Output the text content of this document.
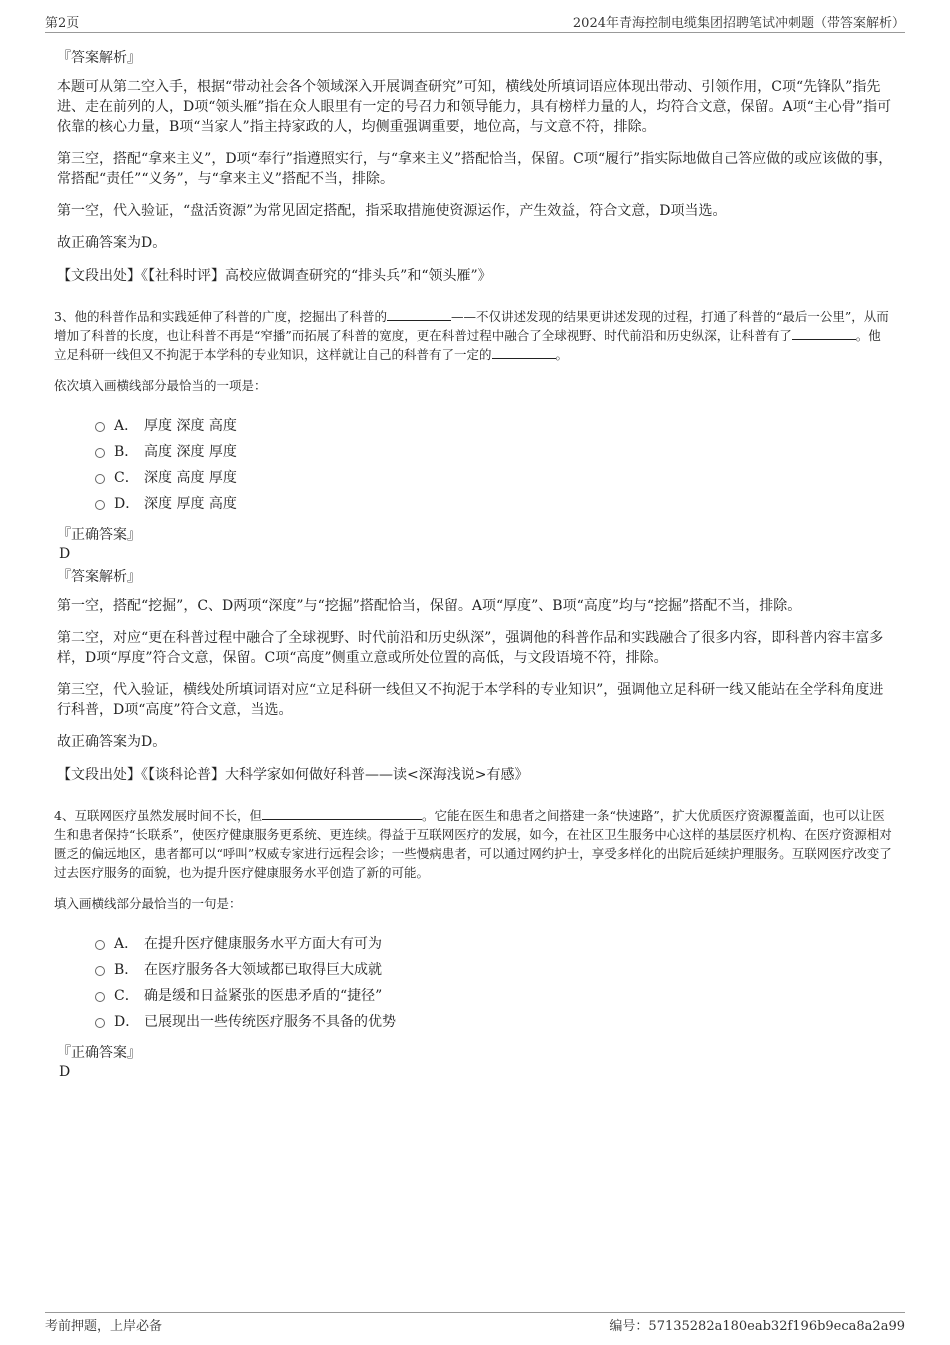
第2页	2024年青海控制电缆集团招聘笔试冲刺题（带答案解析）
『答案解析』

本题可从第二空入手，根据“带动社会各个领域深入开展调查研究”可知，横线处所填词语应体现出带动、引领作用，C项“先锋队”指先进、走在前列的人，D项“领头雁”指在众人眼里有一定的号召力和领导能力，具有榜样力量的人，均符合文意，保留。A项“主心骨”指可依靠的核心力量，B项“当家人”指主持家政的人，均侧重强调重要，地位高，与文意不符，排除。

第三空，搭配“拿来主义”，D项“奉行”指遵照实行，与“拿来主义”搭配恰当，保留。C项“履行”指实际地做自己答应做的或应该做的事，常搭配“责任”“义务”，与“拿来主义”搭配不当，排除。

第一空，代入验证，“盘活资源”为常见固定搭配，指采取措施使资源运作，产生效益，符合文意，D项当选。

故正确答案为D。

【文段出处】《【社科时评】高校应做调查研究的“排头兵”和“领头雁”》

3、他的科普作品和实践延伸了科普的广度，挖掘出了科普的	——不仅讲述发现的结果更讲述发现的过程，打通了科普的“最后一公里”，从而增加了科普的长度，也让科普不再是“窄播”而拓展了科普的宽度，更在科普过程中融合了全球视野、时代前沿和历史纵深，让科普有了	。他立足科研一线但又不拘泥于本学科的专业知识，这样就让自己的科普有了一定的	。

依次填入画横线部分最恰当的一项是：
A． 厚度 深度 高度
B． 高度 深度 厚度
C． 深度 高度 厚度
D． 深度 厚度 高度
『正确答案』
D
『答案解析』

第一空，搭配“挖掘”，C、D两项“深度”与“挖掘”搭配恰当，保留。A项“厚度”、B项“高度”均与“挖掘”搭配不当，排除。

第二空，对应“更在科普过程中融合了全球视野、时代前沿和历史纵深”，强调他的科普作品和实践融合了很多内容，即科普内容丰富多样，D项“厚度”符合文意，保留。C项“高度”侧重立意或所处位置的高低，与文段语境不符，排除。

第三空，代入验证，横线处所填词语对应“立足科研一线但又不拘泥于本学科的专业知识”，强调他立足科研一线又能站在全学科角度进行科普，D项“高度”符合文意，当选。

故正确答案为D。

【文段出处】《【谈科论普】大科学家如何做好科普——读<深海浅说>有感》

4、互联网医疗虽然发展时间不长，但	。它能在医生和患者之间搭建一条“快速路”，扩大优质医疗资源覆盖面，也可以让医生和患者保持“长联系”，使医疗健康服务更系统、更连续。得益于互联网医疗的发展，如今，在社区卫生服务中心这样的基层医疗机构、在医疗资源相对匮乏的偏远地区，患者都可以“呼叫”权威专家进行远程会诊；一些慢病患者，可以通过网约护士，享受多样化的出院后延续护理服务。互联网医疗改变了过去医疗服务的面貌，也为提升医疗健康服务水平创造了新的可能。

填入画横线部分最恰当的一句是：
A． 在提升医疗健康服务水平方面大有可为
B． 在医疗服务各大领域都已取得巨大成就
C． 确是缓和日益紧张的医患矛盾的“捷径”
D． 已展现出一些传统医疗服务不具备的优势
『正确答案』
D
考前押题，上岸必备	编号：57135282a180eab32f196b9eca8a2a99
